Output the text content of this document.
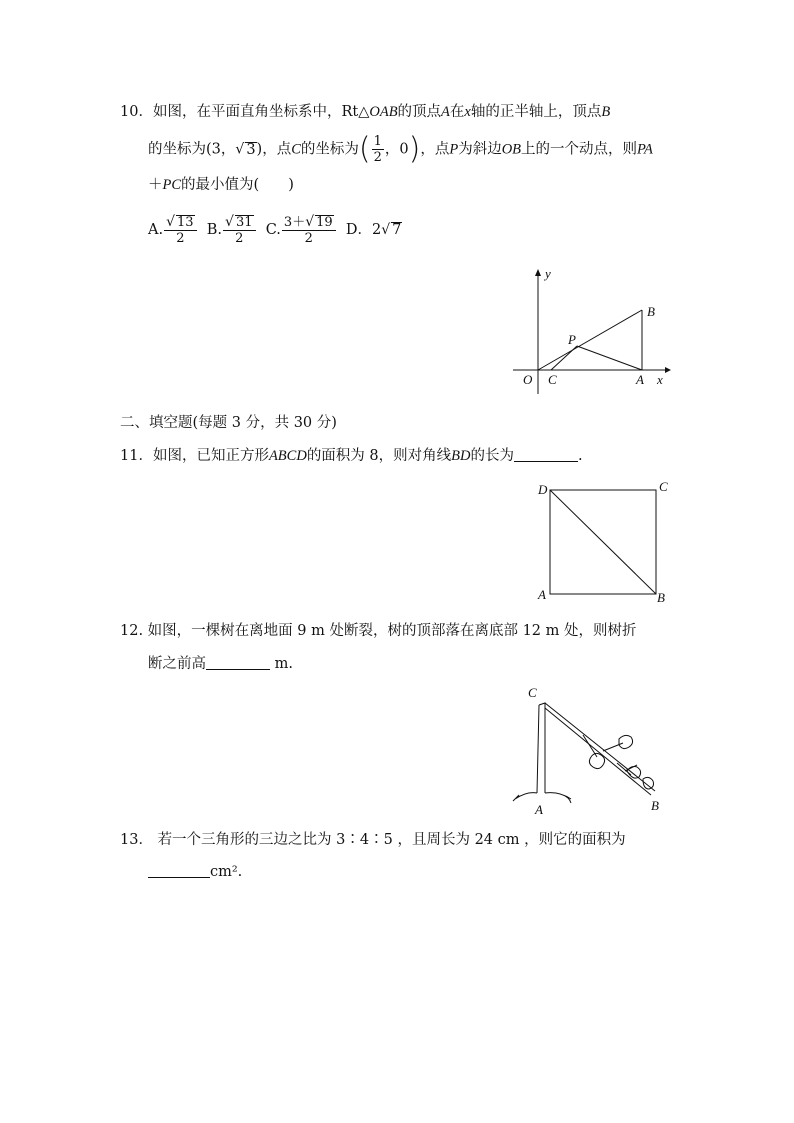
10．如图，在平面直角坐标系中，Rt△OAB的顶点A在x轴的正半轴上，顶点B
的坐标为(3，√ 3)，点C的坐标为( $\frac{1}{2}$ ，0)，点P为斜边OB上的一个动点，则PA
＋PC的最小值为(　　)
A. $\frac{√ 13}{2} B$. $\frac{√ 31}{2} C$. $\frac{3+√ 19}{2}$ D．2√ 7
y
x
O C	A
B
P
二、填空题(每题 3 分，共 30 分)
11．如图，已知正方形ABCD的面积为 8，则对角线BD的长为	.
D	C
A	B
12. 如图，一棵树在离地面 9 m 处断裂，树的顶部落在离底部 12 m 处，则树折
断之前高	m.
C
A	B
13． 若一个三角形的三边之比为 3∶4∶5 ，且周长为 24 cm ，则它的面积为
cm².
